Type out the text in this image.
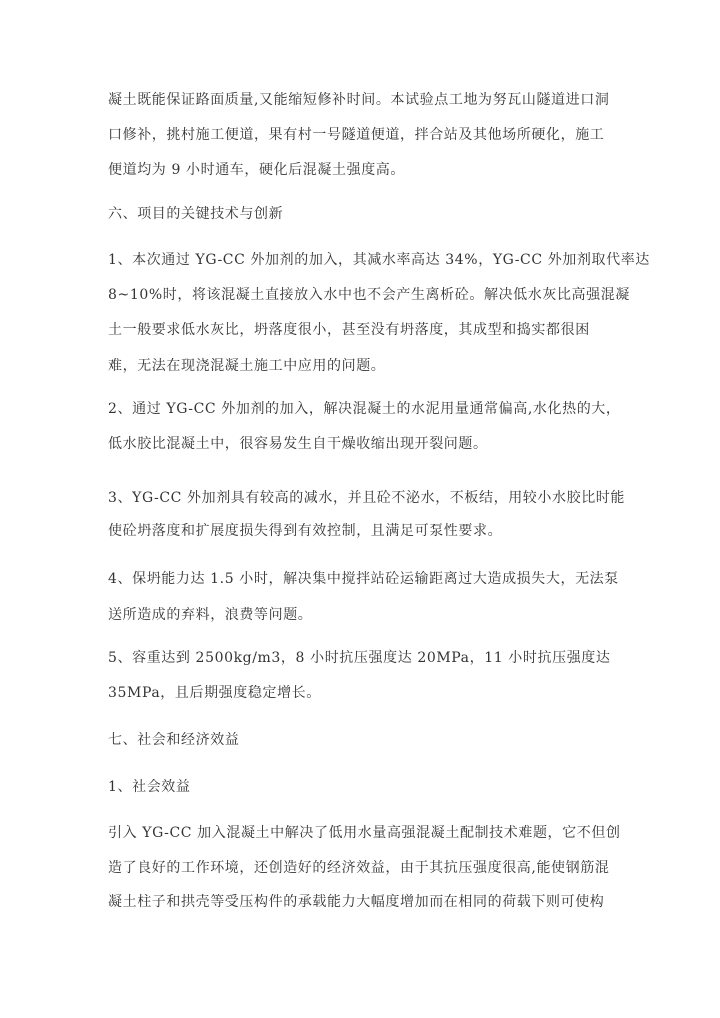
凝土既能保证路面质量,又能缩短修补时间。本试验点工地为努瓦山隧道进口洞
口修补，挑村施工便道，果有村一号隧道便道，拌合站及其他场所硬化，施工
便道均为 9 小时通车，硬化后混凝土强度高。
六、项目的关键技术与创新
1、本次通过 YG-CC 外加剂的加入，其减水率高达 34%，YG-CC 外加剂取代率达
8~10%时，将该混凝土直接放入水中也不会产生离析砼。解决低水灰比高强混凝
土一般要求低水灰比，坍落度很小，甚至没有坍落度，其成型和捣实都很困
难，无法在现浇混凝土施工中应用的问题。
2、通过 YG-CC 外加剂的加入，解决混凝土的水泥用量通常偏高,水化热的大，
低水胶比混凝土中，很容易发生自干燥收缩出现开裂问题。
3、YG-CC 外加剂具有较高的减水，并且砼不泌水，不板结，用较小水胶比时能
使砼坍落度和扩展度损失得到有效控制，且满足可泵性要求。
4、保坍能力达 1.5 小时，解决集中搅拌站砼运输距离过大造成损失大，无法泵
送所造成的弃料，浪费等问题。
5、容重达到 2500kg/m3，8 小时抗压强度达 20MPa，11 小时抗压强度达
35MPa，且后期强度稳定增长。
七、社会和经济效益
1、社会效益
引入 YG-CC 加入混凝土中解决了低用水量高强混凝土配制技术难题，它不但创
造了良好的工作环境，还创造好的经济效益，由于其抗压强度很高,能使钢筋混
凝土柱子和拱壳等受压构件的承载能力大幅度增加而在相同的荷载下则可使构
